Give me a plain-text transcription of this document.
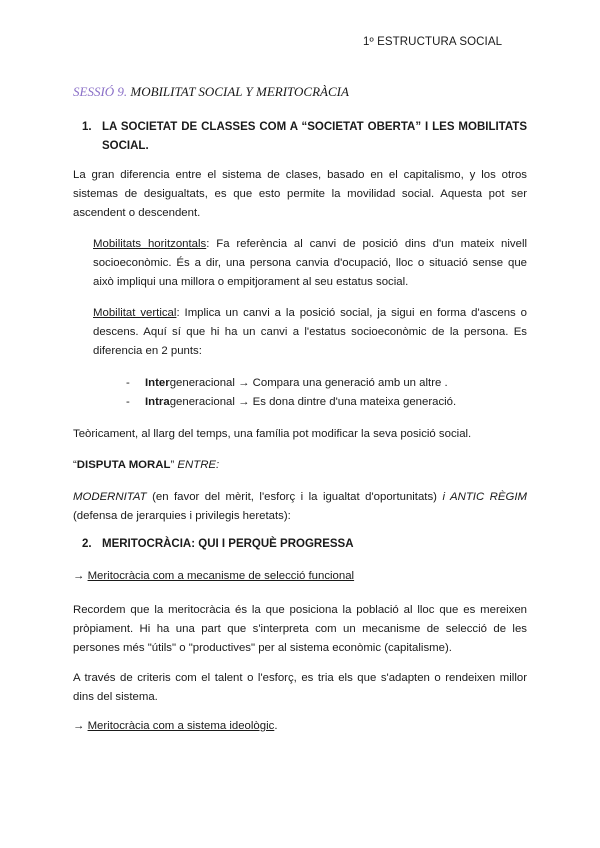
1º ESTRUCTURA SOCIAL
SESSIÓ 9. MOBILITAT SOCIAL Y MERITOCRÀCIA
1. LA SOCIETAT DE CLASSES COM A “SOCIETAT OBERTA” I LES MOBILITATS SOCIAL.
La gran diferencia entre el sistema de clases, basado en el capitalismo, y los otros sistemas de desigualtats, es que esto permite la movilidad social. Aquesta pot ser ascendent o descendent.
Mobilitats horitzontals: Fa referència al canvi de posició dins d'un mateix nivell socioeconòmic. És a dir, una persona canvia d'ocupació, lloc o situació sense que això impliqui una millora o empitjorament al seu estatus social.
Mobilitat vertical: Implica un canvi a la posició social, ja sigui en forma d'ascens o descens. Aquí sí que hi ha un canvi a l'estatus socioeconòmic de la persona. Es diferencia en 2 punts:
- Intergeneracional → Compara una generació amb un altre .
- Intrageneracional → Es dona dintre d'una mateixa generació.
Teòricament, al llarg del temps, una família pot modificar la seva posició social.
“DISPUTA MORAL” ENTRE:
MODERNITAT (en favor del mèrit, l'esforç i la igualtat d'oportunitats) i ANTIC RÈGIM (defensa de jerarquies i privilegis heretats):
2. MERITOCRÀCIA: QUI I PERQUÈ PROGRESSA
→ Meritocràcia com a mecanisme de selecció funcional
Recordem que la meritocràcia és la que posiciona la població al lloc que es mereixen pròpiament. Hi ha una part que s'interpreta com un mecanisme de selecció de les persones més "útils" o "productives" per al sistema econòmic (capitalisme).
A través de criteris com el talent o l'esforç, es tria els que s'adapten o rendeixen millor dins del sistema.
→ Meritocràcia com a sistema ideològic.
